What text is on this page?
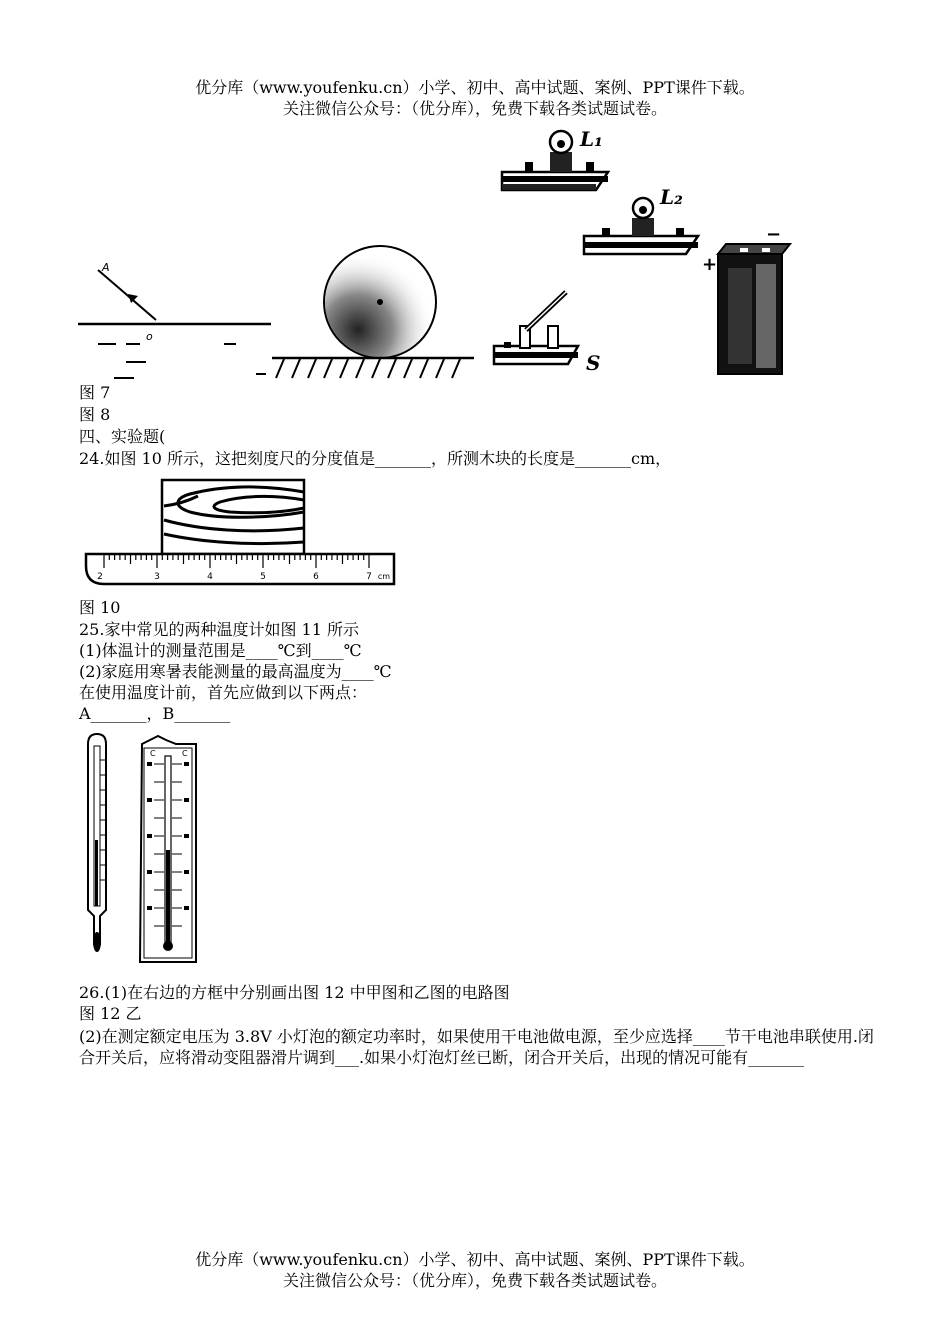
优分库（www.youfenku.cn）小学、初中、高中试题、案例、PPT课件下载。
关注微信公众号：（优分库），免费下载各类试题试卷。
A
o
L₁
L₂
S
+
−
图 7
图 8
四、实验题(
24.如图 10 所示，这把刻度尺的分度值是_______，所测木块的长度是_______cm，
2	3	4	5	6	7 cm
图 10
25.家中常见的两种温度计如图 11 所示
(1)体温计的测量范围是____℃到____℃
(2)家庭用寒暑表能测量的最高温度为____℃
在使用温度计前，首先应做到以下两点：
A_______，B_______
C	C
26.(1)在右边的方框中分别画出图 12 中甲图和乙图的电路图
图 12 乙
(2)在测定额定电压为 3.8V 小灯泡的额定功率时，如果使用干电池做电源，至少应选择____节干电池串联使用.闭合开关后，应将滑动变阻器滑片调到___.如果小灯泡灯丝已断，闭合开关后，出现的情况可能有_______
优分库（www.youfenku.cn）小学、初中、高中试题、案例、PPT课件下载。
关注微信公众号：（优分库），免费下载各类试题试卷。
